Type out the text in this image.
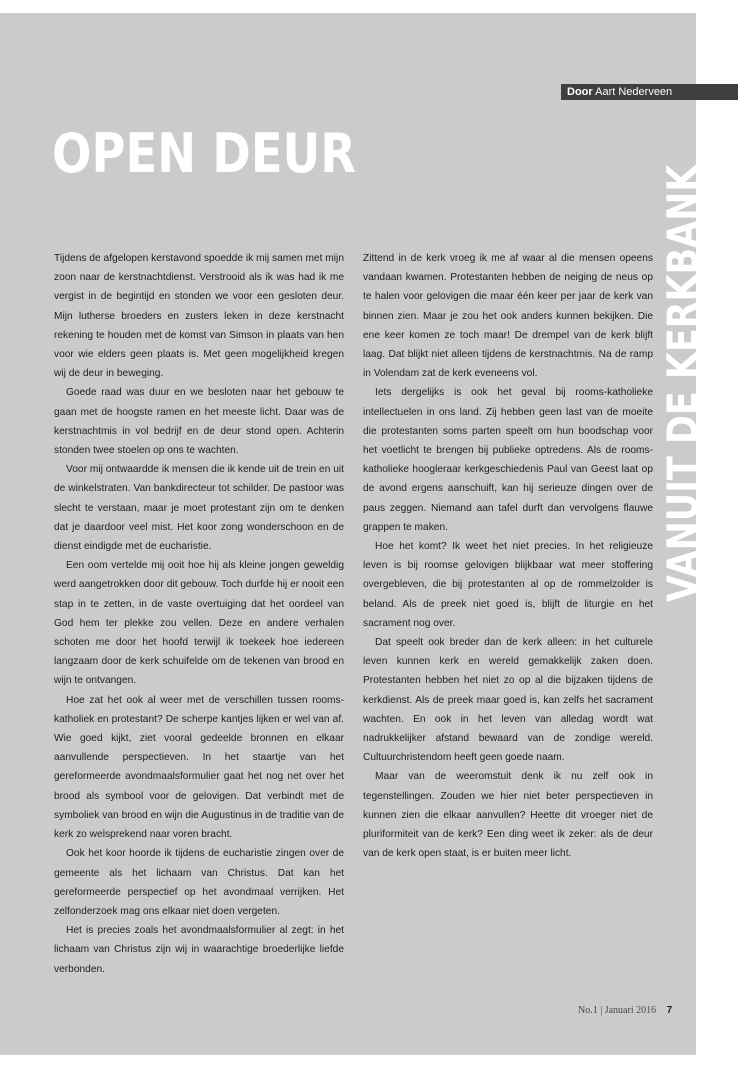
Door Aart Nederveen
OPEN DEUR
VANUIT DE KERKBANK

Tijdens de afgelopen kerstavond spoedde ik mij samen met mijn zoon naar de kerstnachtdienst. Verstrooid als ik was had ik me vergist in de begintijd en stonden we voor een gesloten deur. Mijn lutherse broeders en zusters leken in deze kerstnacht rekening te houden met de komst van Simson in plaats van hen voor wie elders geen plaats is. Met geen mogelijkheid kregen wij de deur in beweging.

Goede raad was duur en we besloten naar het gebouw te gaan met de hoogste ramen en het meeste licht. Daar was de kerstnachtmis in vol bedrijf en de deur stond open. Achterin stonden twee stoelen op ons te wachten.

Voor mij ontwaardde ik mensen die ik kende uit de trein en uit de winkelstraten. Van bankdirecteur tot schilder. De pastoor was slecht te verstaan, maar je moet protestant zijn om te denken dat je daardoor veel mist. Het koor zong wonderschoon en de dienst eindigde met de eucharistie.

Een oom vertelde mij ooit hoe hij als kleine jongen geweldig werd aangetrokken door dit gebouw. Toch durfde hij er nooit een stap in te zetten, in de vaste overtuiging dat het oordeel van God hem ter plekke zou vellen. Deze en andere verhalen schoten me door het hoofd terwijl ik toekeek hoe iedereen langzaam door de kerk schuifelde om de tekenen van brood en wijn te ontvangen.

Hoe zat het ook al weer met de verschillen tussen rooms-katholiek en protestant? De scherpe kantjes lijken er wel van af. Wie goed kijkt, ziet vooral gedeelde bronnen en elkaar aanvullende perspectieven. In het staartje van het gereformeerde avondmaalsformulier gaat het nog net over het brood als symbool voor de gelovigen. Dat verbindt met de symboliek van brood en wijn die Augustinus in de traditie van de kerk zo welsprekend naar voren bracht.

Ook het koor hoorde ik tijdens de eucharistie zingen over de gemeente als het lichaam van Christus. Dat kan het gereformeerde perspectief op het avondmaal verrijken. Het zelfonderzoek mag ons elkaar niet doen vergeten.

Het is precies zoals het avondmaalsformulier al zegt: in het lichaam van Christus zijn wij in waarachtige broederlijke liefde verbonden.

Zittend in de kerk vroeg ik me af waar al die mensen opeens vandaan kwamen. Protestanten hebben de neiging de neus op te halen voor gelovigen die maar één keer per jaar de kerk van binnen zien. Maar je zou het ook anders kunnen bekijken. Die ene keer komen ze toch maar! De drempel van de kerk blijft laag. Dat blijkt niet alleen tijdens de kerstnachtmis. Na de ramp in Volendam zat de kerk eveneens vol.

Iets dergelijks is ook het geval bij rooms-katholieke intellectuelen in ons land. Zij hebben geen last van de moeite die protestanten soms parten speelt om hun boodschap voor het voetlicht te brengen bij publieke optredens. Als de rooms-katholieke hoogleraar kerkgeschiedenis Paul van Geest laat op de avond ergens aanschuift, kan hij serieuze dingen over de paus zeggen. Niemand aan tafel durft dan vervolgens flauwe grappen te maken.

Hoe het komt? Ik weet het niet precies. In het religieuze leven is bij roomse gelovigen blijkbaar wat meer stoffering overgebleven, die bij protestanten al op de rommelzolder is beland. Als de preek niet goed is, blijft de liturgie en het sacrament nog over.

Dat speelt ook breder dan de kerk alleen: in het culturele leven kunnen kerk en wereld gemakkelijk zaken doen. Protestanten hebben het niet zo op al die bijzaken tijdens de kerkdienst. Als de preek maar goed is, kan zelfs het sacrament wachten. En ook in het leven van alledag wordt wat nadrukkelijker afstand bewaard van de zondige wereld. Cultuurchristendom heeft geen goede naam.

Maar van de weeromstuit denk ik nu zelf ook in tegenstellingen. Zouden we hier niet beter perspectieven in kunnen zien die elkaar aanvullen? Heette dit vroeger niet de pluriformiteit van de kerk? Een ding weet ik zeker: als de deur van de kerk open staat, is er buiten meer licht.

No.1 | Januari 2016 7
